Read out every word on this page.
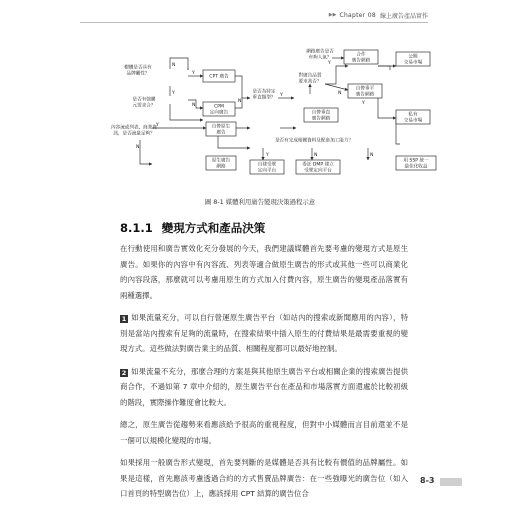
▶▶ Chapter 08 線上廣告產品實作
N
Y
Y
N
N
Y
Y
N
Y
Y
N
Y	N	N
樹體是否具有
品牌屬性？
是否有強購
元需求合？
內容流或列表、商業資
訊，是否流量足夠？
是否為特定
垂直類型？
對廣告品質
要求高否？
網路廣告是否
有夠人氣？
是否有完成相關資料及配套加工能力？
CPT 廣告
CPM
定向廣告
合作
廣告網路
公開
交易市場
自營垂平
廣告網路
自營垂直
廣告網路
私有
交易市場
自營原生
廣告
原生廣告
網路	自建受眾
定向平台
委託 DMP 建立
受眾定向平台
用 SSP 統一
最佳化收益
圖 8-1 媒體利用廣告變現決策過程示意
8.1.1 變現方式和產品決策

在行動使用和廣告實效化充分發展的今天，我們建議媒體首先要考慮的變現方式是原生廣告。如果你的內容中有內容流、列表等適合做原生廣告的形式或其他一些可以商業化的內容段落，那麼就可以考慮用原生的方式加入付費內容，原生廣告的變現產品落實有兩種選擇。

1 如果流量充分，可以自行營運原生廣告平台（如站內的搜索或新聞應用的內容），特別是當站內搜索有足夠的流量時，在搜索結果中插入原生的付費結果是最需要重視的變現方式。這些做法對廣告業主的品質、相關程度都可以最好地控制。

2 如果流量不充分，那麼合理的方案是與其他原生廣告平台或相關企業的搜索廣告提供商合作，不過如第 7 章中介紹的，原生廣告平台在產品和市場落實方面還處於比較初級的階段，實際操作難度會比較大。

總之，原生廣告從趨勢來看應該給予很高的重視程度，但對中小媒體而言目前還並不是一個可以規模化變現的市場。

如果採用一般廣告形式變現，首先要判斷的是媒體是否具有比較有價值的品牌屬性。如果是這樣，首先應該考慮透過合約的方式售賣品牌廣告：在一些強曝光的廣告位（如入口首頁的特型廣告位）上，應該採用 CPT 結算的廣告位合

8-3
